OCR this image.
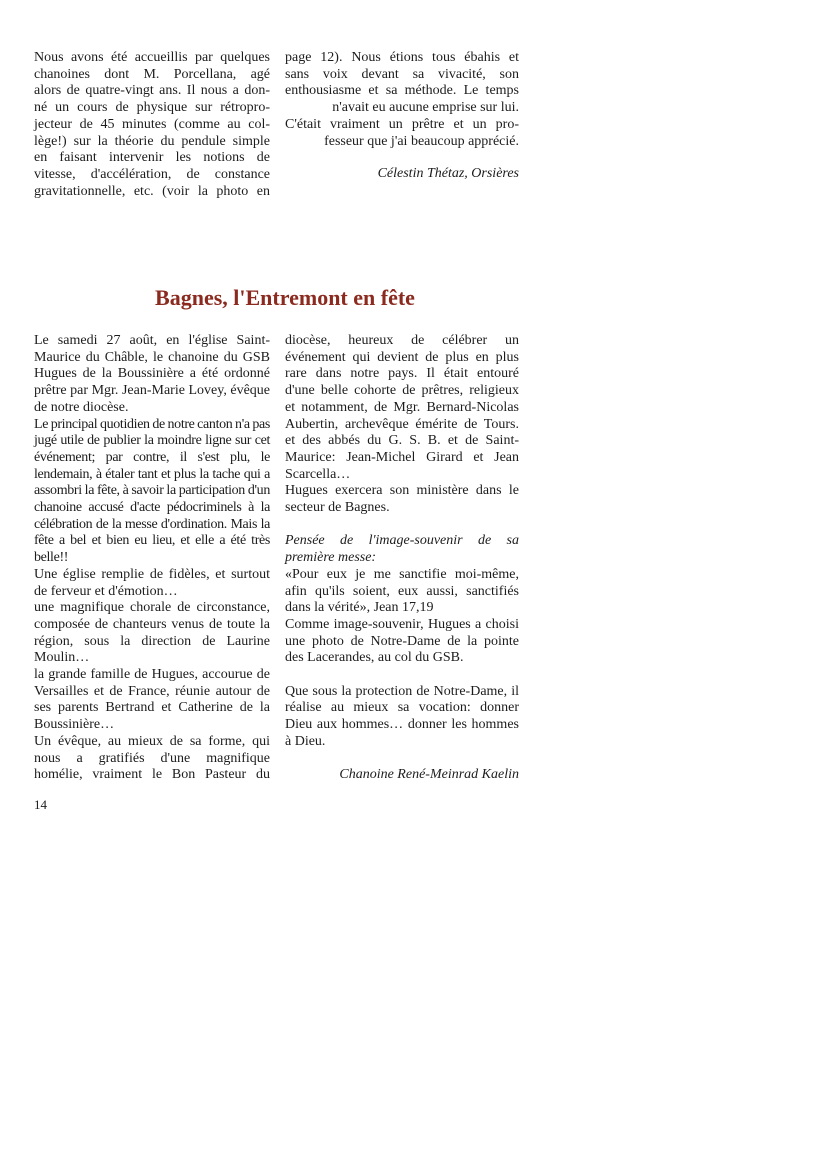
Nous avons été accueillis par quelques

chanoines dont M. Porcellana, agé

alors de quatre-vingt ans. Il nous a don-

né un cours de physique sur rétropro-

jecteur de 45 minutes (comme au col-

lège!) sur la théorie du pendule simple

en faisant intervenir les notions de

vitesse, d'accélération, de constance

gravitationnelle, etc. (voir la photo en

page 12). Nous étions tous ébahis et

sans voix devant sa vivacité, son

enthousiasme et sa méthode. Le temps

n'avait eu aucune emprise sur lui.

C'était vraiment un prêtre et un pro-

fesseur que j'ai beaucoup apprécié.

Célestin Thétaz, Orsières

Bagnes, l'Entremont en fête

Le samedi 27 août, en l'église Saint-Maurice du Châble, le chanoine du GSB Hugues de la Boussinière a été ordonné prêtre par Mgr. Jean-Marie Lovey, évêque de notre diocèse.

Le principal quotidien de notre canton n'a pas jugé utile de publier la moindre ligne sur cet événement; par contre, il s'est plu, le lendemain, à étaler tant et plus la tache qui a assombri la fête, à savoir la participation d'un chanoine accusé d'acte pédocriminels à la célébration de la messe d'ordination. Mais la fête a bel et bien eu lieu, et elle a été très belle!!

Une église remplie de fidèles, et surtout de ferveur et d'émotion…

une magnifique chorale de circonstance, composée de chanteurs venus de toute la région, sous la direction de Laurine Moulin…

la grande famille de Hugues, accourue de Versailles et de France, réunie autour de ses parents Bertrand et Catherine de la Boussinière…

Un évêque, au mieux de sa forme, qui nous a gratifiés d'une magnifique homélie, vraiment le Bon Pasteur du

diocèse, heureux de célébrer un événement qui devient de plus en plus rare dans notre pays. Il était entouré d'une belle cohorte de prêtres, religieux et notamment, de Mgr. Bernard-Nicolas Aubertin, archevêque émérite de Tours. et des abbés du G. S. B. et de Saint-Maurice: Jean-Michel Girard et Jean Scarcella…

Hugues exercera son ministère dans le secteur de Bagnes.

Pensée de l'image-souvenir de sa première messe:

«Pour eux je me sanctifie moi-même, afin qu'ils soient, eux aussi, sanctifiés dans la vérité», Jean 17,19

Comme image-souvenir, Hugues a choisi une photo de Notre-Dame de la pointe des Lacerandes, au col du GSB.

Que sous la protection de Notre-Dame, il réalise au mieux sa vocation: donner Dieu aux hommes… donner les hommes à Dieu.

Chanoine René-Meinrad Kaelin

14
